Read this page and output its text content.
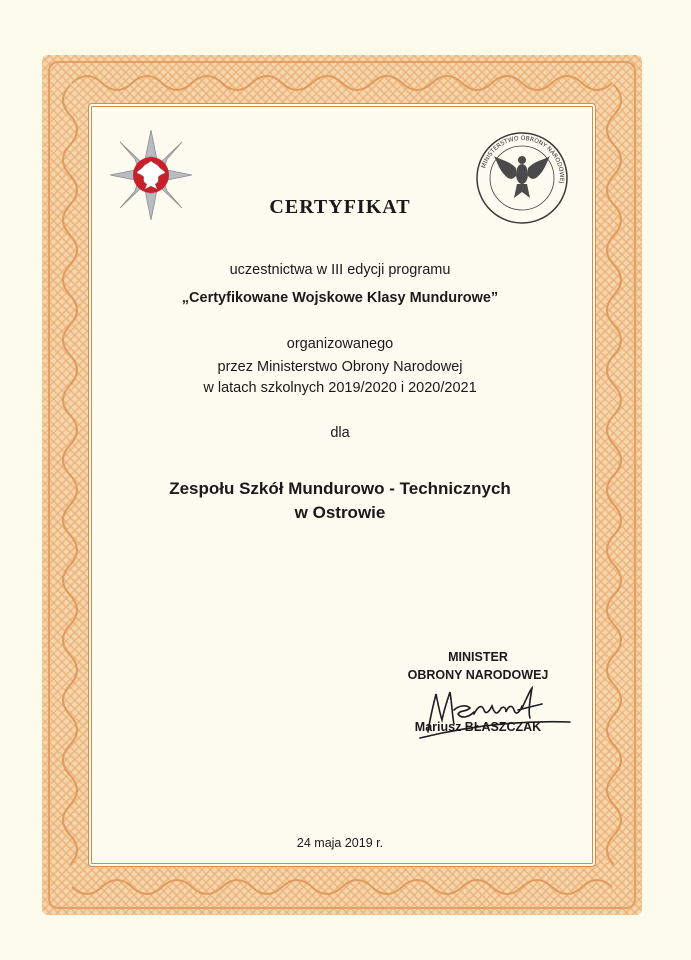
MINISTERSTWO OBRONY NARODOWEJ
CERTYFIKAT
uczestnictwa w III edycji programu
„Certyfikowane Wojskowe Klasy Mundurowe”
organizowanego
przez Ministerstwo Obrony Narodowej
w latach szkolnych 2019/2020 i 2020/2021
dla
Zespołu Szkół Mundurowo - Technicznych
w Ostrowie
MINISTER
OBRONY NARODOWEJ
Mariusz BŁASZCZAK
24 maja 2019 r.
